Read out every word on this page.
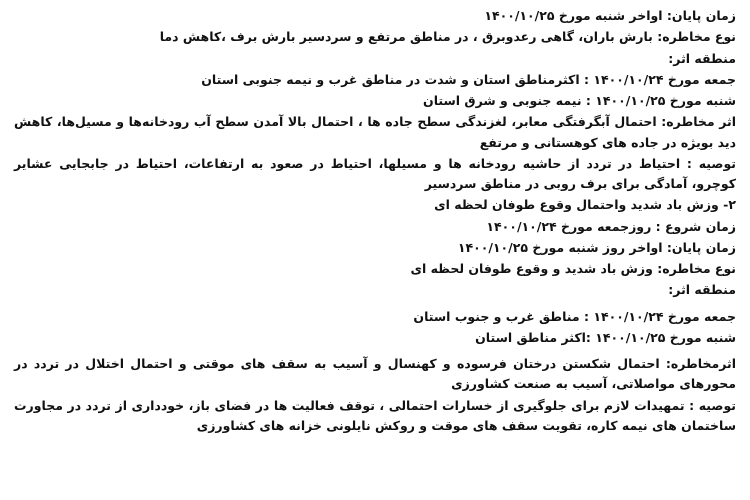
زمان پایان: اواخر شنبه مورخ ۱۴۰۰/۱۰/۲۵

نوع مخاطره: بارش باران، گاهی رعدوبرق ، در مناطق مرتفع و سردسیر بارش برف ،کاهش دما

منطقه اثر:

جمعه مورخ ۱۴۰۰/۱۰/۲۴ : اکثرمناطق استان و شدت در مناطق غرب و نیمه جنوبی استان

شنبه مورخ ۱۴۰۰/۱۰/۲۵ : نیمه جنوبی و شرق استان

اثر مخاطره: احتمال آبگرفتگی معابر، لغزندگی سطح جاده ها ، احتمال بالا آمدن سطح آب رودخانه‌ها و مسیل‌ها، کاهش دید بویژه در جاده های کوهستانی و مرتفع

توصیه : احتیاط در تردد از حاشیه رودخانه ها و مسیلها، احتیاط در صعود به ارتفاعات، احتیاط در جابجایی عشایر کوچرو، آمادگی برای برف روبی در مناطق سردسیر

۲- وزش باد شدید واحتمال وقوع طوفان لحظه ای

زمان شروع : روزجمعه مورخ ۱۴۰۰/۱۰/۲۴

زمان پایان: اواخر روز شنبه مورخ ۱۴۰۰/۱۰/۲۵

نوع مخاطره: وزش باد شدید و وقوع طوفان لحظه ای

منطقه اثر:

جمعه مورخ ۱۴۰۰/۱۰/۲۴ : مناطق غرب و جنوب استان

شنبه مورخ ۱۴۰۰/۱۰/۲۵ :اکثر مناطق استان

اثرمخاطره: احتمال شکستن درختان فرسوده و کهنسال و آسیب به سقف های موقتی و احتمال اختلال در تردد در محورهای مواصلاتی، آسیب به صنعت کشاورزی

توصیه : تمهیدات لازم برای جلوگیری از خسارات احتمالی ، توقف فعالیت ها در فضای باز، خودداری از تردد در مجاورت ساختمان های نیمه کاره، تقویت سقف های موقت و روکش نایلونی خزانه های کشاورزی
